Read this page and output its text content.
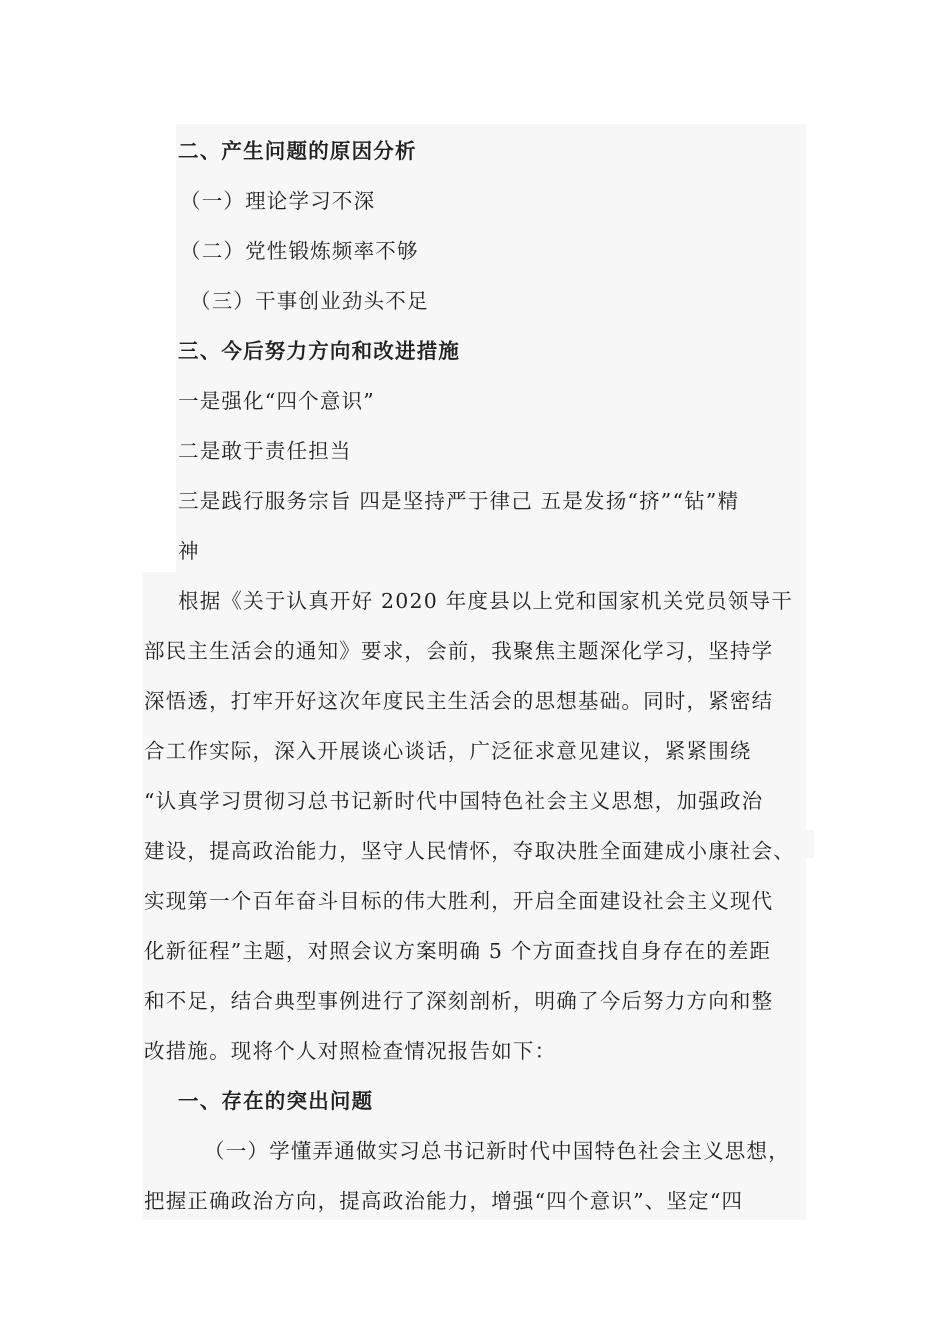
二、产生问题的原因分析
（一）理论学习不深
（二）党性锻炼频率不够
（三）干事创业劲头不足
三、今后努力方向和改进措施
一是强化“四个意识”
二是敢于责任担当
三是践行服务宗旨 四是坚持严于律己 五是发扬“挤”“钻”精
神
根据《关于认真开好 2020 年度县以上党和国家机关党员领导干
部民主生活会的通知》要求，会前，我聚焦主题深化学习，坚持学
深悟透，打牢开好这次年度民主生活会的思想基础。同时，紧密结
合工作实际，深入开展谈心谈话，广泛征求意见建议，紧紧围绕
“认真学习贯彻习总书记新时代中国特色社会主义思想，加强政治
建设，提高政治能力，坚守人民情怀，夺取决胜全面建成小康社会、
实现第一个百年奋斗目标的伟大胜利，开启全面建设社会主义现代
化新征程”主题，对照会议方案明确 5 个方面查找自身存在的差距
和不足，结合典型事例进行了深刻剖析，明确了今后努力方向和整
改措施。现将个人对照检查情况报告如下：
一、存在的突出问题
（一）学懂弄通做实习总书记新时代中国特色社会主义思想，
把握正确政治方向，提高政治能力，增强“四个意识”、坚定“四
